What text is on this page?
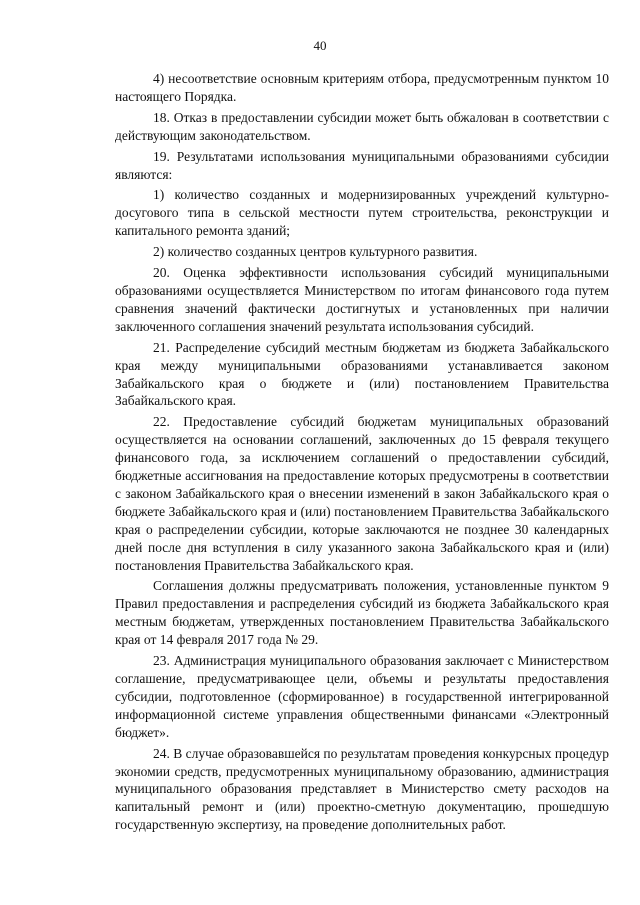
40

4) несоответствие основным критериям отбора, предусмотренным пунктом 10 настоящего Порядка.

18. Отказ в предоставлении субсидии может быть обжалован в соответствии с действующим законодательством.

19. Результатами использования муниципальными образованиями субсидии являются:

1) количество созданных и модернизированных учреждений культурно-досугового типа в сельской местности путем строительства, реконструкции и капитального ремонта зданий;

2) количество созданных центров культурного развития.

20. Оценка эффективности использования субсидий муниципальными образованиями осуществляется Министерством по итогам финансового года путем сравнения значений фактически достигнутых и установленных при наличии заключенного соглашения значений результата использования субсидий.

21. Распределение субсидий местным бюджетам из бюджета Забайкальского края между муниципальными образованиями устанавливается законом Забайкальского края о бюджете и (или) постановлением Правительства Забайкальского края.

22. Предоставление субсидий бюджетам муниципальных образований осуществляется на основании соглашений, заключенных до 15 февраля текущего финансового года, за исключением соглашений о предоставлении субсидий, бюджетные ассигнования на предоставление которых предусмотрены в соответствии с законом Забайкальского края о внесении изменений в закон Забайкальского края о бюджете Забайкальского края и (или) постановлением Правительства Забайкальского края о распределении субсидии, которые заключаются не позднее 30 календарных дней после дня вступления в силу указанного закона Забайкальского края и (или) постановления Правительства Забайкальского края.

Соглашения должны предусматривать положения, установленные пунктом 9 Правил предоставления и распределения субсидий из бюджета Забайкальского края местным бюджетам, утвержденных постановлением Правительства Забайкальского края от 14 февраля 2017 года № 29.

23. Администрация муниципального образования заключает с Министерством соглашение, предусматривающее цели, объемы и результаты предоставления субсидии, подготовленное (сформированное) в государственной интегрированной информационной системе управления общественными финансами «Электронный бюджет».

24. В случае образовавшейся по результатам проведения конкурсных процедур экономии средств, предусмотренных муниципальному образованию, администрация муниципального образования представляет в Министерство смету расходов на капитальный ремонт и (или) проектно-сметную документацию, прошедшую государственную экспертизу, на проведение дополнительных работ.
